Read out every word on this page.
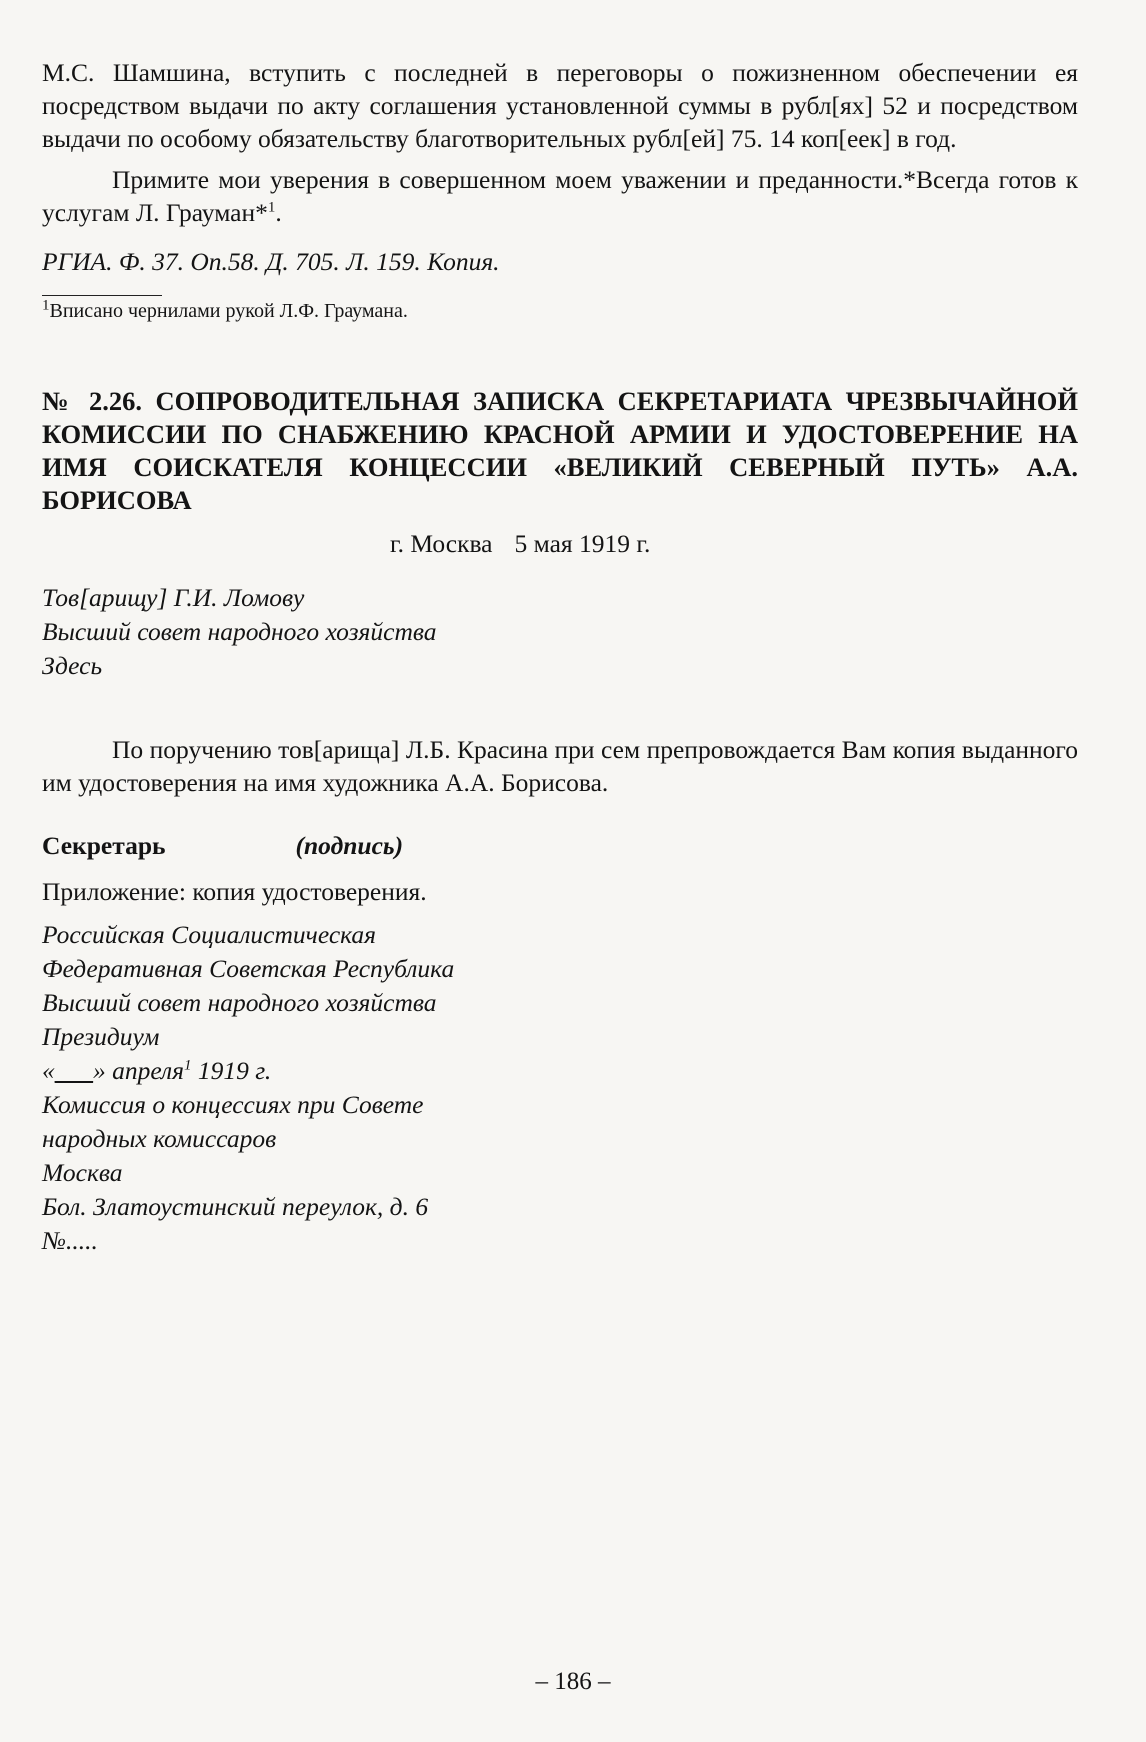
М.С. Шамшина, вступить с последней в переговоры о пожизненном обеспечении ея посредством выдачи по акту соглашения установленной суммы в рубл[ях] 52 и посредством выдачи по особому обязательству благотворительных рубл[ей] 75. 14 коп[еек] в год.

Примите мои уверения в совершенном моем уважении и преданности.*Всегда готов к услугам Л. Грауман*$^1$.

РГИА. Ф. 37. Оп.58. Д. 705. Л. 159. Копия.

$^1$Вписано чернилами рукой Л.Ф. Граумана.

№ 2.26. СОПРОВОДИТЕЛЬНАЯ ЗАПИСКА СЕКРЕТАРИАТА ЧРЕЗВЫЧАЙНОЙ КОМИССИИ ПО СНАБЖЕНИЮ КРАСНОЙ АРМИИ И УДОСТОВЕРЕНИЕ НА ИМЯ СОИСКАТЕЛЯ КОНЦЕССИИ «ВЕЛИКИЙ СЕВЕРНЫЙ ПУТЬ» А.А. БОРИСОВА

г. Москва 5 мая 1919 г.

Тов[арищу] Г.И. Ломову

Высший совет народного хозяйства

Здесь

По поручению тов[арища] Л.Б. Красина при сем препровождается Вам копия выданного им удостоверения на имя художника А.А. Борисова.

Секретарь	(подпись)

Приложение: копия удостоверения.

Российская Социалистическая

Федеративная Советская Республика

Высший совет народного хозяйства

Президиум

«___» апреля$^1$ 1919 г.

Комиссия о концессиях при Совете

народных комиссаров

Москва

Бол. Златоустинский переулок, д. 6

№.....

– 186 –
